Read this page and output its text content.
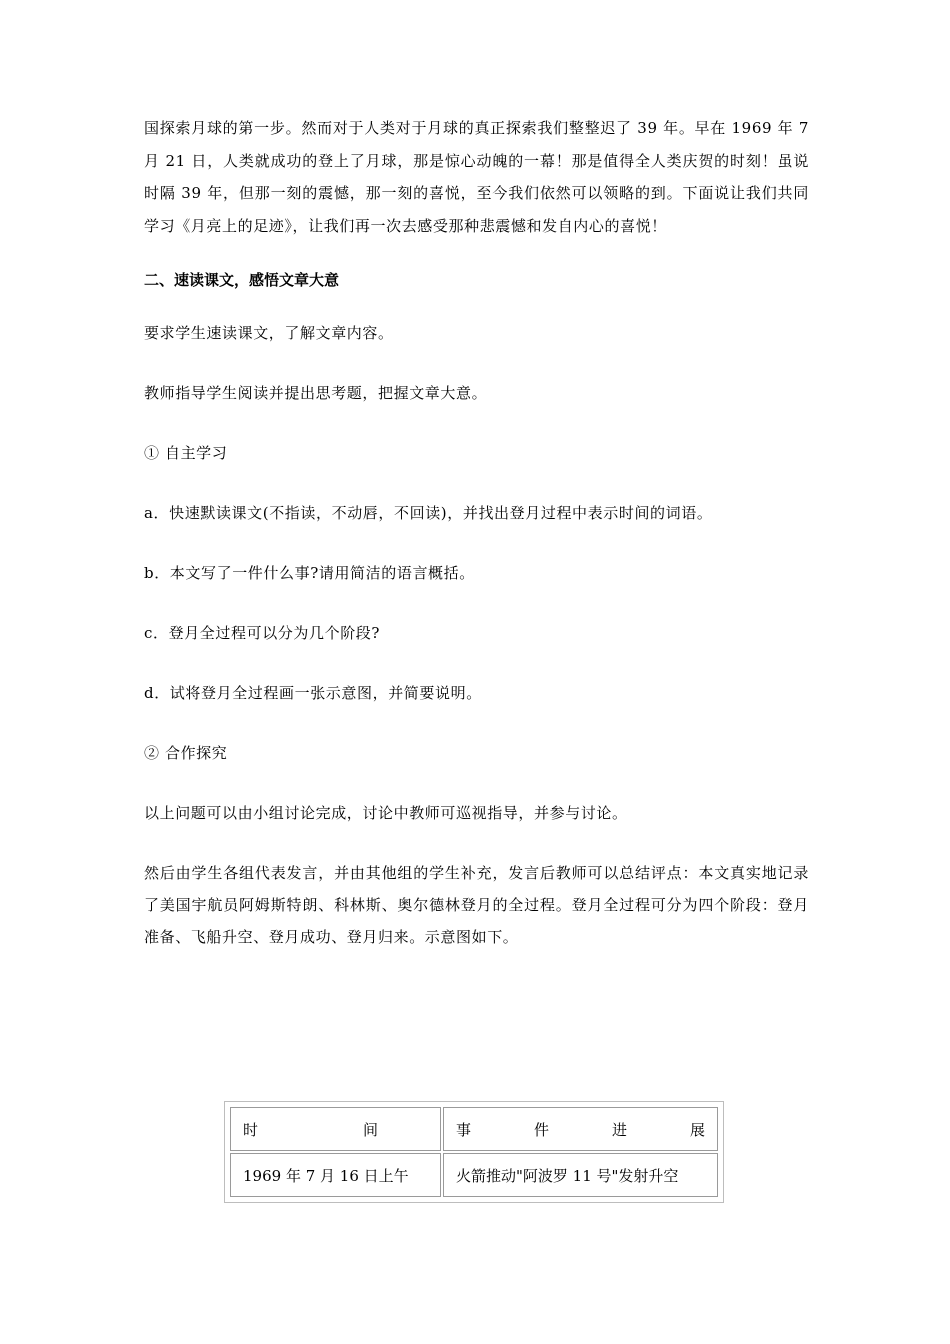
国探索月球的第一步。然而对于人类对于月球的真正探索我们整整迟了 39 年。早在 1969 年 7 月 21 日，人类就成功的登上了月球，那是惊心动魄的一幕！那是值得全人类庆贺的时刻！虽说时隔 39 年，但那一刻的震憾，那一刻的喜悦，至今我们依然可以领略的到。下面说让我们共同学习《月亮上的足迹》，让我们再一次去感受那种悲震憾和发自内心的喜悦！

二、速读课文，感悟文章大意

要求学生速读课文，了解文章内容。

教师指导学生阅读并提出思考题，把握文章大意。

① 自主学习

a．快速默读课文(不指读，不动唇，不回读)，并找出登月过程中表示时间的词语。

b．本文写了一件什么事?请用简洁的语言概括。

c．登月全过程可以分为几个阶段?

d．试将登月全过程画一张示意图，并简要说明。

② 合作探究

以上问题可以由小组讨论完成，讨论中教师可巡视指导，并参与讨论。

然后由学生各组代表发言，并由其他组的学生补充，发言后教师可以总结评点：本文真实地记录了美国宇航员阿姆斯特朗、科林斯、奥尔德林登月的全过程。登月全过程可分为四个阶段：登月准备、飞船升空、登月成功、登月归来。示意图如下。

时 间	事 件 进 展

1969 年 7 月 16 日上午	火箭推动"阿波罗 11 号"发射升空
